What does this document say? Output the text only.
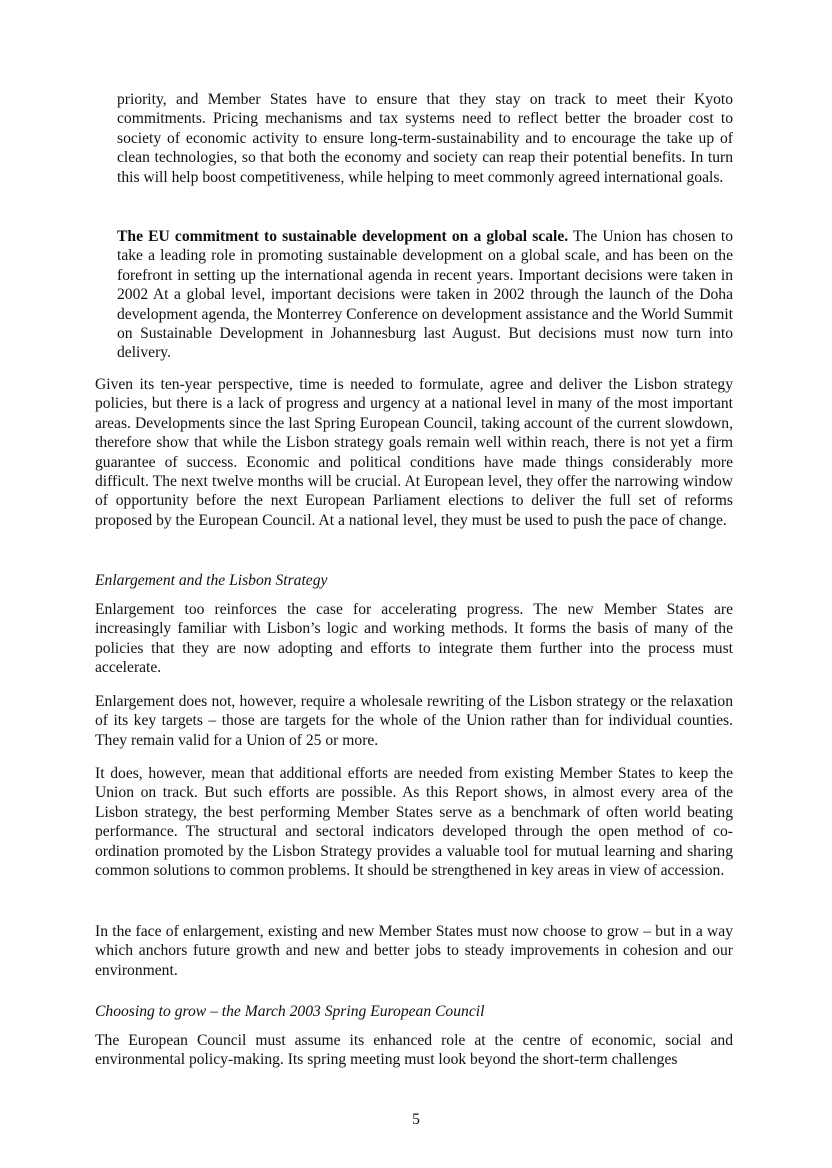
priority, and Member States have to ensure that they stay on track to meet their Kyoto commitments. Pricing mechanisms and tax systems need to reflect better the broader cost to society of economic activity to ensure long-term-sustainability and to encourage the take up of clean technologies, so that both the economy and society can reap their potential benefits. In turn this will help boost competitiveness, while helping to meet commonly agreed international goals.

The EU commitment to sustainable development on a global scale. The Union has chosen to take a leading role in promoting sustainable development on a global scale, and has been on the forefront in setting up the international agenda in recent years. Important decisions were taken in 2002 At a global level, important decisions were taken in 2002 through the launch of the Doha development agenda, the Monterrey Conference on development assistance and the World Summit on Sustainable Development in Johannesburg last August. But decisions must now turn into delivery.

Given its ten-year perspective, time is needed to formulate, agree and deliver the Lisbon strategy policies, but there is a lack of progress and urgency at a national level in many of the most important areas. Developments since the last Spring European Council, taking account of the current slowdown, therefore show that while the Lisbon strategy goals remain well within reach, there is not yet a firm guarantee of success. Economic and political conditions have made things considerably more difficult. The next twelve months will be crucial. At European level, they offer the narrowing window of opportunity before the next European Parliament elections to deliver the full set of reforms proposed by the European Council. At a national level, they must be used to push the pace of change.

Enlargement and the Lisbon Strategy

Enlargement too reinforces the case for accelerating progress. The new Member States are increasingly familiar with Lisbon’s logic and working methods. It forms the basis of many of the policies that they are now adopting and efforts to integrate them further into the process must accelerate.

Enlargement does not, however, require a wholesale rewriting of the Lisbon strategy or the relaxation of its key targets – those are targets for the whole of the Union rather than for individual counties. They remain valid for a Union of 25 or more.

It does, however, mean that additional efforts are needed from existing Member States to keep the Union on track. But such efforts are possible. As this Report shows, in almost every area of the Lisbon strategy, the best performing Member States serve as a benchmark of often world beating performance. The structural and sectoral indicators developed through the open method of co-ordination promoted by the Lisbon Strategy provides a valuable tool for mutual learning and sharing common solutions to common problems. It should be strengthened in key areas in view of accession.

In the face of enlargement, existing and new Member States must now choose to grow – but in a way which anchors future growth and new and better jobs to steady improvements in cohesion and our environment.

Choosing to grow – the March 2003 Spring European Council

The European Council must assume its enhanced role at the centre of economic, social and environmental policy-making. Its spring meeting must look beyond the short-term challenges

5
